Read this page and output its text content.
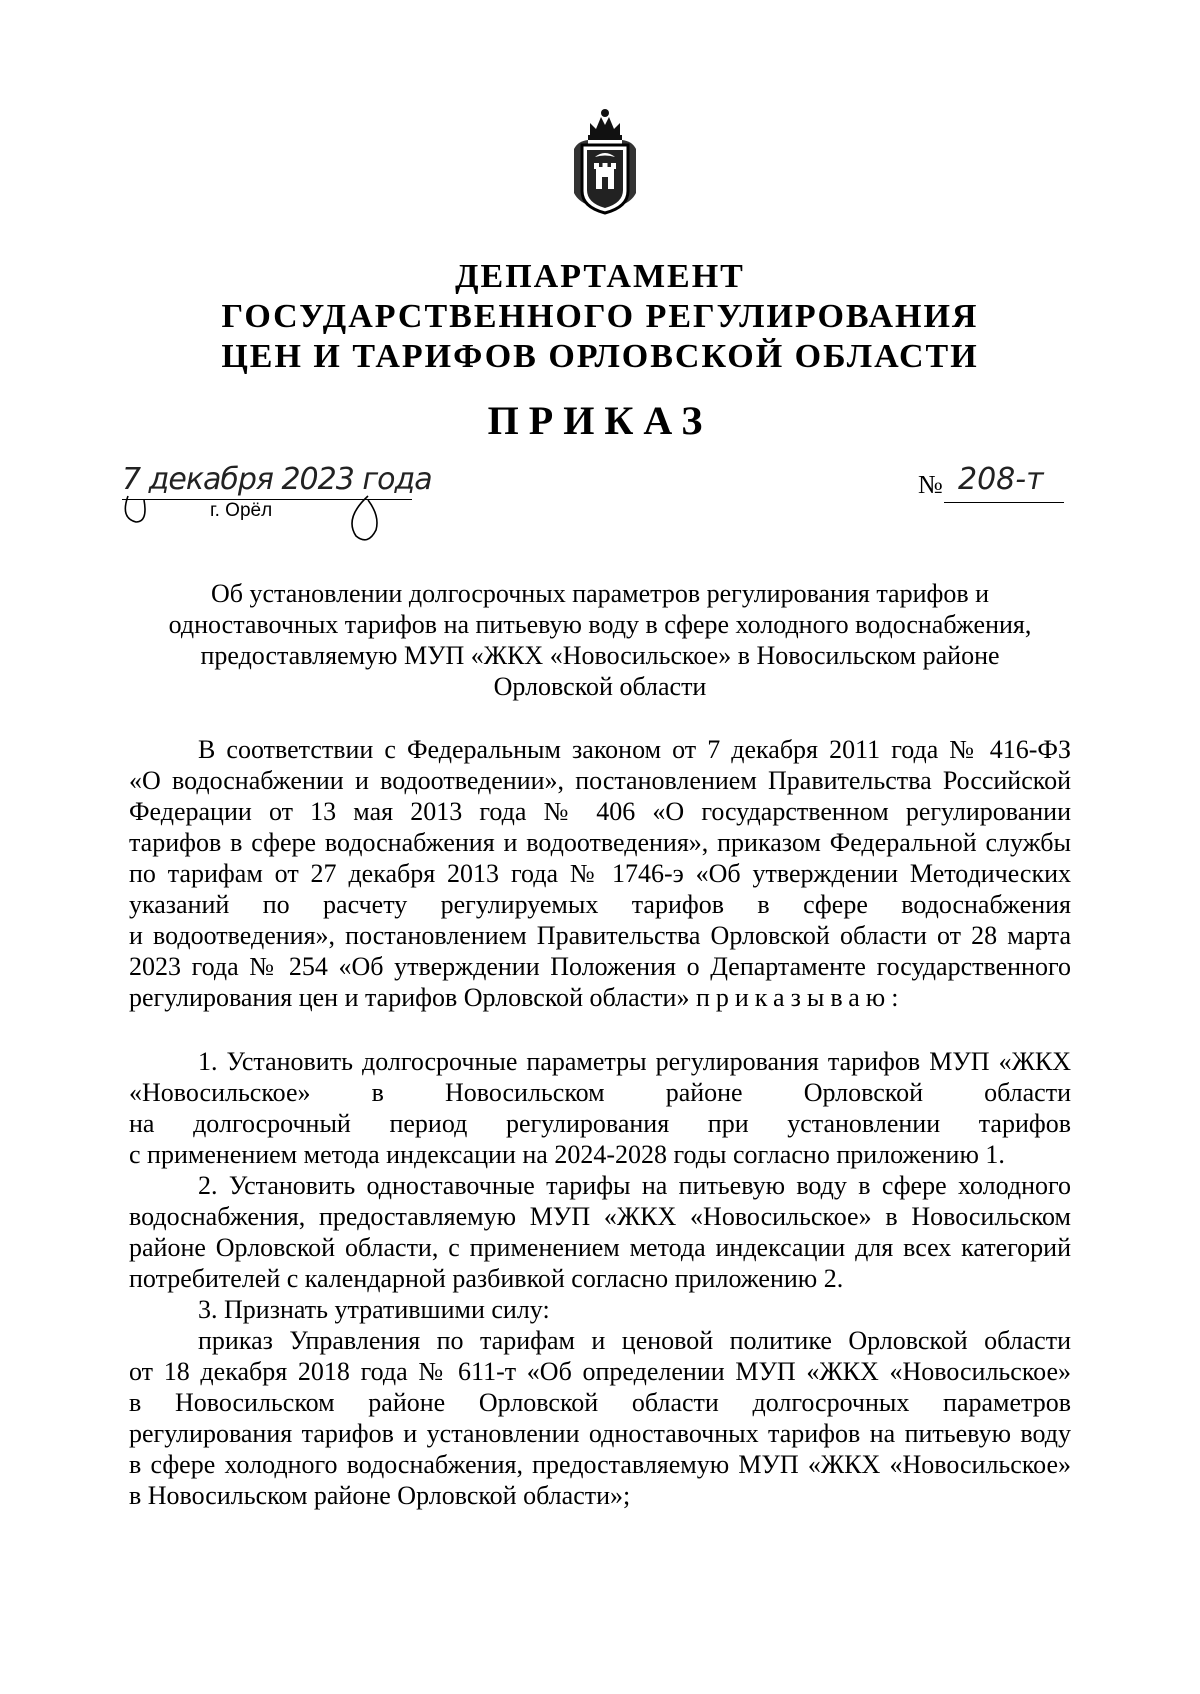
ДЕПАРТАМЕНТ
ГОСУДАРСТВЕННОГО РЕГУЛИРОВАНИЯ
ЦЕН И ТАРИФОВ ОРЛОВСКОЙ ОБЛАСТИ
ПРИКАЗ
7 декабря 2023 года
г. Орёл
№ 208-т
Об установлении долгосрочных параметров регулирования тарифов и
одноставочных тарифов на питьевую воду в сфере холодного водоснабжения,
предоставляемую МУП «ЖКХ «Новосильское» в Новосильском районе
Орловской области
В соответствии с Федеральным законом от 7 декабря 2011 года № 416-ФЗ
«О водоснабжении и водоотведении», постановлением Правительства Российской
Федерации от 13 мая 2013 года № 406 «О государственном регулировании
тарифов в сфере водоснабжения и водоотведения», приказом Федеральной службы
по тарифам от 27 декабря 2013 года № 1746-э «Об утверждении Методических
указаний по расчету регулируемых тарифов в сфере водоснабжения
и водоотведения», постановлением Правительства Орловской области от 28 марта
2023 года № 254 «Об утверждении Положения о Департаменте государственного
регулирования цен и тарифов Орловской области» приказываю:
1. Установить долгосрочные параметры регулирования тарифов МУП «ЖКХ
«Новосильское» в Новосильском районе Орловской области
на долгосрочный период регулирования при установлении тарифов
с применением метода индексации на 2024-2028 годы согласно приложению 1.
2. Установить одноставочные тарифы на питьевую воду в сфере холодного
водоснабжения, предоставляемую МУП «ЖКХ «Новосильское» в Новосильском
районе Орловской области, с применением метода индексации для всех категорий
потребителей с календарной разбивкой согласно приложению 2.
3. Признать утратившими силу:
приказ Управления по тарифам и ценовой политике Орловской области
от 18 декабря 2018 года № 611-т «Об определении МУП «ЖКХ «Новосильское»
в Новосильском районе Орловской области долгосрочных параметров
регулирования тарифов и установлении одноставочных тарифов на питьевую воду
в сфере холодного водоснабжения, предоставляемую МУП «ЖКХ «Новосильское»
в Новосильском районе Орловской области»;
